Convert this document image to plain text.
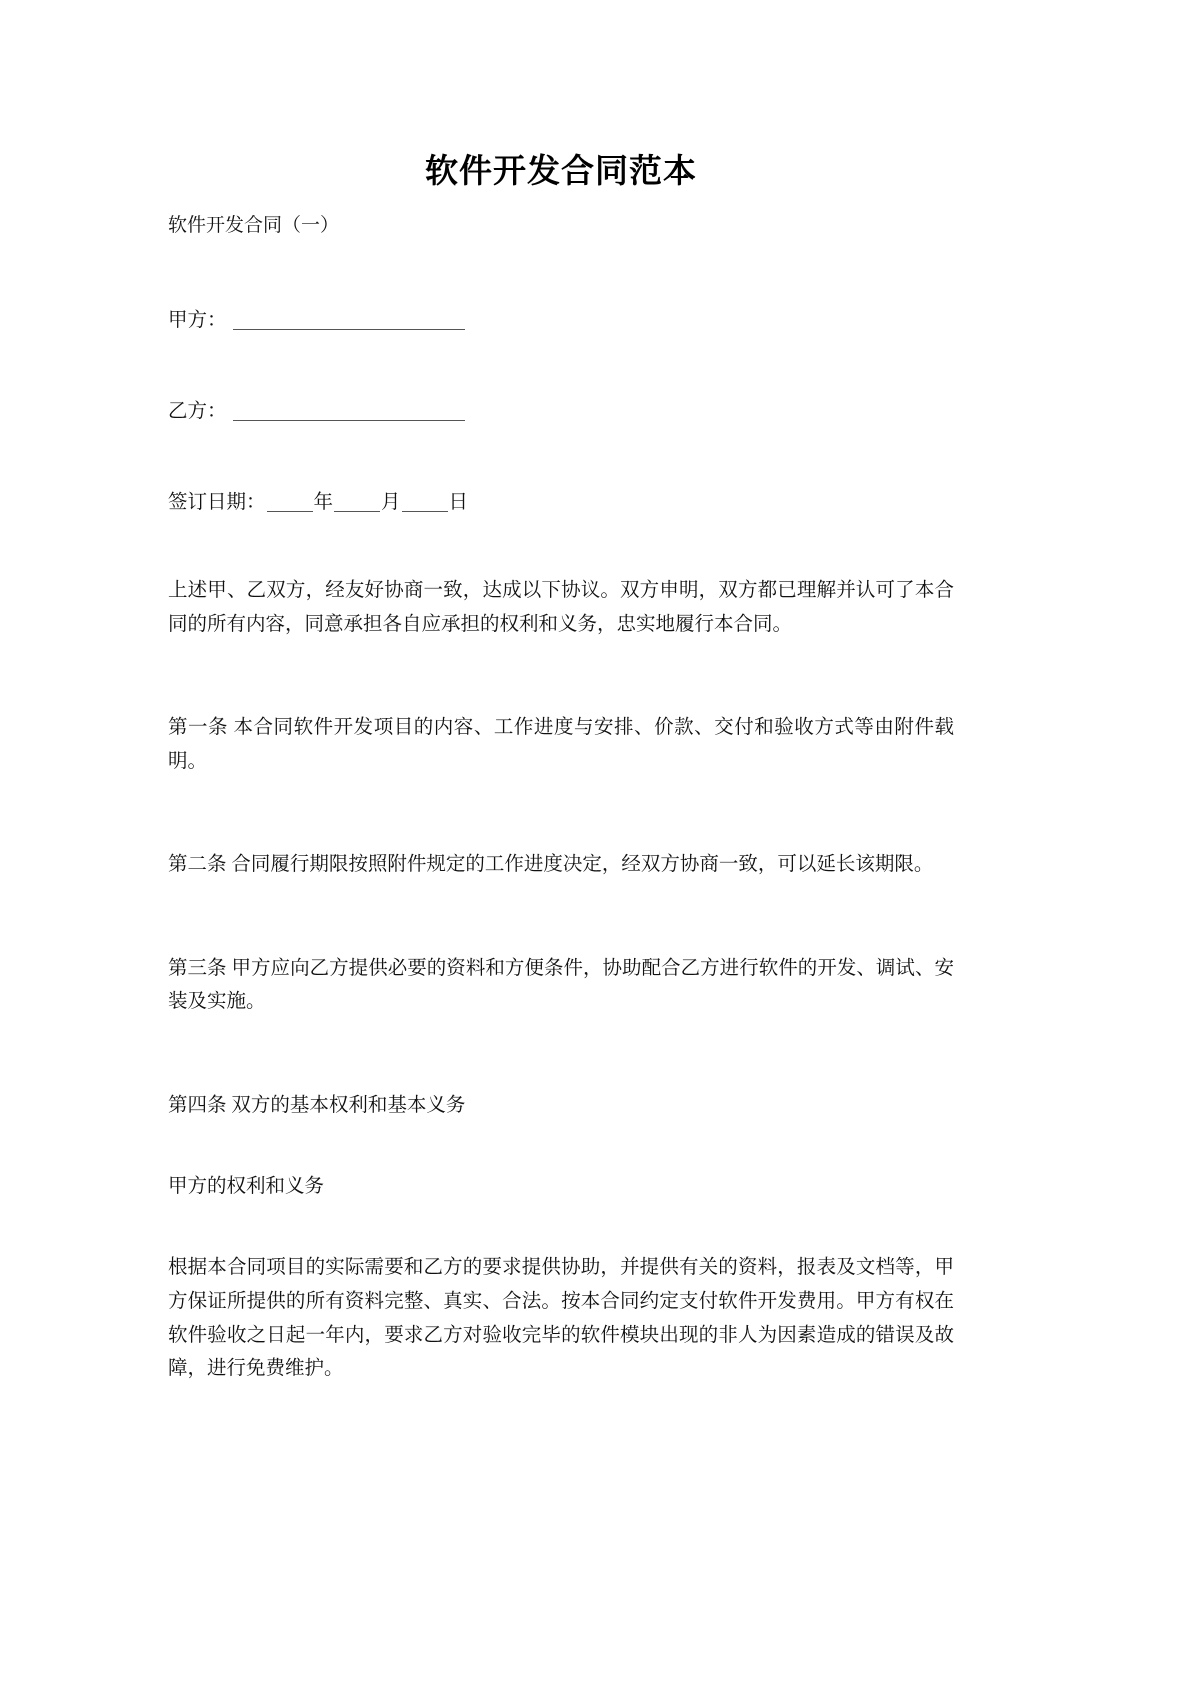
软件开发合同范本

软件开发合同（一）

甲方：

乙方：

签订日期： 年 月 日

上述甲、乙双方，经友好协商一致，达成以下协议。双方申明，双方都已理解并认可了本合同的所有内容，同意承担各自应承担的权利和义务，忠实地履行本合同。

第一条 本合同软件开发项目的内容、工作进度与安排、价款、交付和验收方式等由附件载明。

第二条 合同履行期限按照附件规定的工作进度决定，经双方协商一致，可以延长该期限。

第三条 甲方应向乙方提供必要的资料和方便条件，协助配合乙方进行软件的开发、调试、安装及实施。

第四条 双方的基本权利和基本义务

甲方的权利和义务

根据本合同项目的实际需要和乙方的要求提供协助，并提供有关的资料，报表及文档等，甲方保证所提供的所有资料完整、真实、合法。按本合同约定支付软件开发费用。甲方有权在软件验收之日起一年内，要求乙方对验收完毕的软件模块出现的非人为因素造成的错误及故障，进行免费维护。
